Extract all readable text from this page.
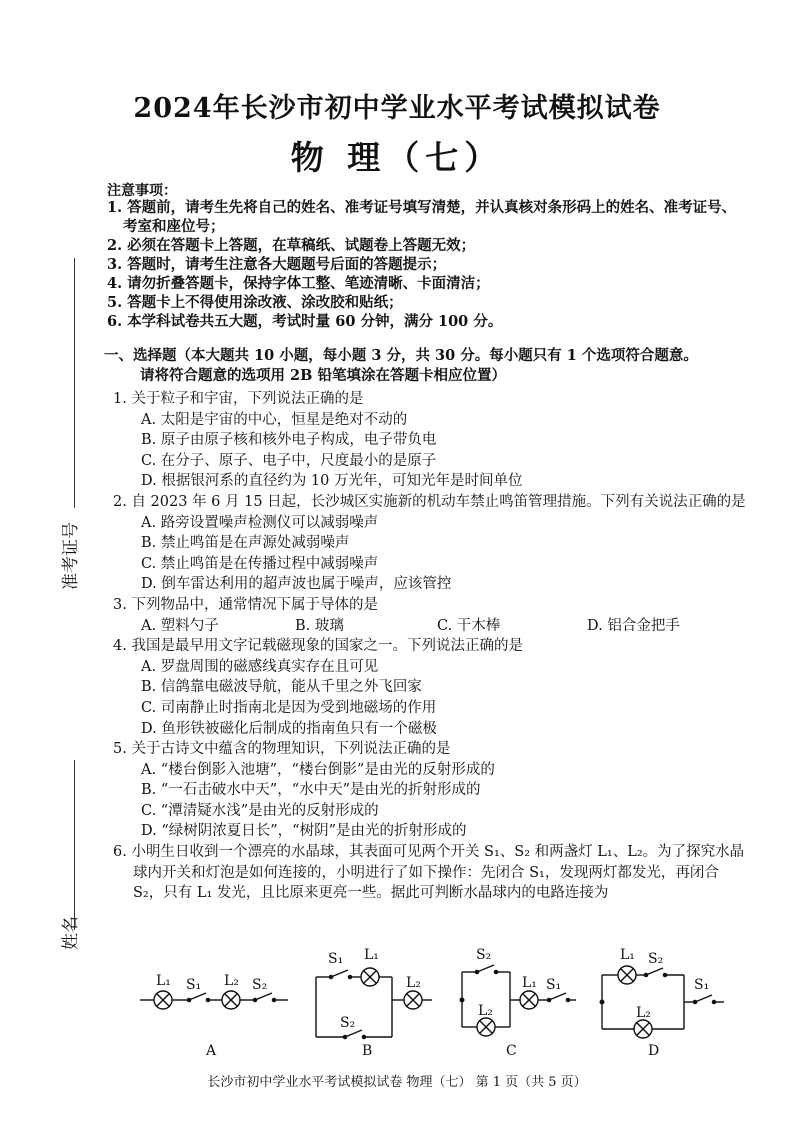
2024年长沙市初中学业水平考试模拟试卷
物 理（七）
注意事项：
1. 答题前，请考生先将自己的姓名、准考证号填写清楚，并认真核对条形码上的姓名、准考证号、考室和座位号；
2. 必须在答题卡上答题，在草稿纸、试题卷上答题无效；
3. 答题时，请考生注意各大题题号后面的答题提示；
4. 请勿折叠答题卡，保持字体工整、笔迹清晰、卡面清洁；
5. 答题卡上不得使用涂改液、涂改胶和贴纸；
6. 本学科试卷共五大题，考试时量 60 分钟，满分 100 分。
一、选择题（本大题共 10 小题，每小题 3 分，共 30 分。每小题只有 1 个选项符合题意。
请将符合题意的选项用 2B 铅笔填涂在答题卡相应位置）
1. 关于粒子和宇宙，下列说法正确的是
A. 太阳是宇宙的中心，恒星是绝对不动的
B. 原子由原子核和核外电子构成，电子带负电
C. 在分子、原子、电子中，尺度最小的是原子
D. 根据银河系的直径约为 10 万光年，可知光年是时间单位
2. 自 2023 年 6 月 15 日起，长沙城区实施新的机动车禁止鸣笛管理措施。下列有关说法正确的是
A. 路旁设置噪声检测仪可以减弱噪声
B. 禁止鸣笛是在声源处减弱噪声
C. 禁止鸣笛是在传播过程中减弱噪声
D. 倒车雷达利用的超声波也属于噪声，应该管控
3. 下列物品中，通常情况下属于导体的是
A. 塑料勺子	B. 玻璃	C. 干木棒	D. 铝合金把手
4. 我国是最早用文字记载磁现象的国家之一。下列说法正确的是
A. 罗盘周围的磁感线真实存在且可见
B. 信鸽靠电磁波导航，能从千里之外飞回家
C. 司南静止时指南北是因为受到地磁场的作用
D. 鱼形铁被磁化后制成的指南鱼只有一个磁极
5. 关于古诗文中蕴含的物理知识，下列说法正确的是
A. “楼台倒影入池塘”，“楼台倒影”是由光的反射形成的
B. “一石击破水中天”，“水中天”是由光的折射形成的
C. “潭清疑水浅”是由光的反射形成的
D. “绿树阴浓夏日长”，“树阴”是由光的折射形成的
6. 小明生日收到一个漂亮的水晶球，其表面可见两个开关 S₁、S₂ 和两盏灯 L₁、L₂。为了探究水晶球内开关和灯泡是如何连接的，小明进行了如下操作：先闭合 S₁，发现两灯都发光，再闭合 S₂，只有 L₁ 发光，且比原来更亮一些。据此可判断水晶球内的电路连接为
准考证号
姓名
L₁ S₁ L₂ S₂
A
S₁ L₁
L₂
S₂
B
S₂
L₂
L₁ S₁
C
L₁ S₂
S₁
L₂
D
长沙市初中学业水平考试模拟试卷 物理（七） 第 1 页（共 5 页）
